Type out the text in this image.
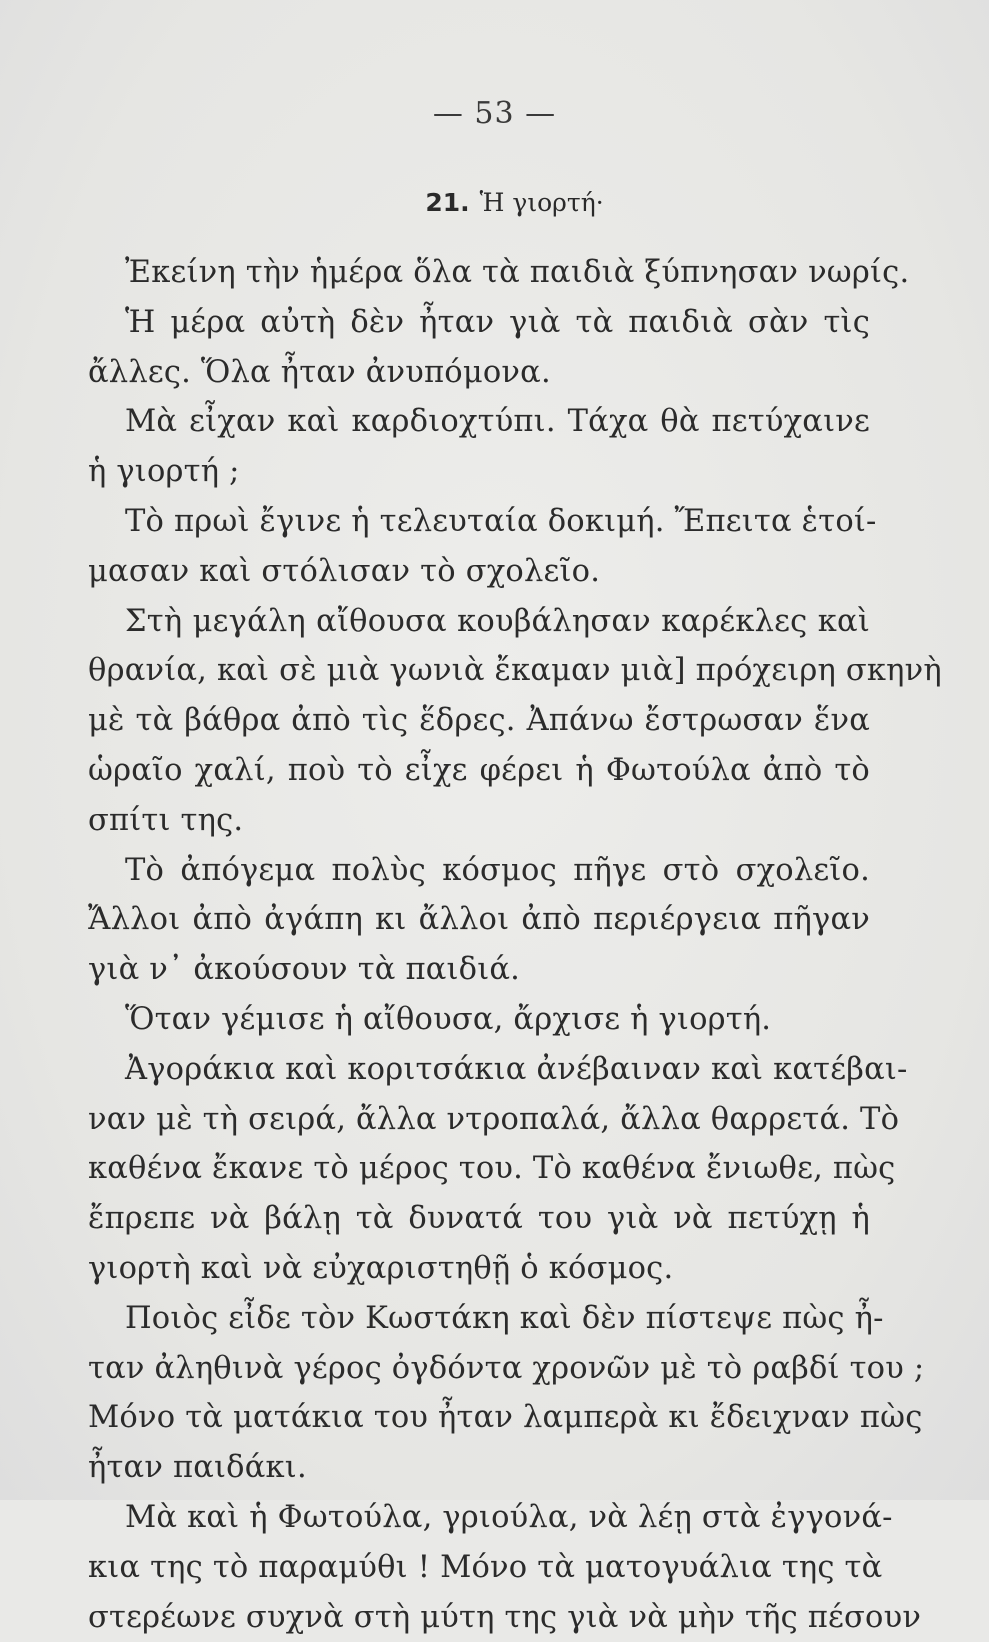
— 53 —
21. Ἡ γιορτή·
Ἐκείνη τὴν ἡμέρα ὅλα τὰ παιδιὰ ξύπνησαν νωρίς.
Ἡ μέρα αὐτὴ δὲν ἦταν γιὰ τὰ παιδιὰ σὰν τὶς
ἄλλες. Ὅλα ἦταν ἀνυπόμονα.
Μὰ εἶχαν καὶ καρδιοχτύπι. Τάχα θὰ πετύχαινε
ἡ γιορτή ;
Τὸ πρωὶ ἔγινε ἡ τελευταία δοκιμή. Ἔπειτα ἑτοί-
μασαν καὶ στόλισαν τὸ σχολεῖο.
Στὴ μεγάλη αἴθουσα κουβάλησαν καρέκλες καὶ
θρανία, καὶ σὲ μιὰ γωνιὰ ἔκαμαν μιὰ] πρόχειρη σκηνὴ
μὲ τὰ βάθρα ἀπὸ τὶς ἕδρες. Ἀπάνω ἔστρωσαν ἕνα
ὡραῖο χαλί, ποὺ τὸ εἶχε φέρει ἡ Φωτούλα ἀπὸ τὸ
σπίτι της.
Τὸ ἀπόγεμα πολὺς κόσμος πῆγε στὸ σχολεῖο.
Ἄλλοι ἀπὸ ἀγάπη κι ἄλλοι ἀπὸ περιέργεια πῆγαν
γιὰ ν᾽ ἀκούσουν τὰ παιδιά.
Ὅταν γέμισε ἡ αἴθουσα, ἄρχισε ἡ γιορτή.
Ἀγοράκια καὶ κοριτσάκια ἀνέβαιναν καὶ κατέβαι-
ναν μὲ τὴ σειρά, ἄλλα ντροπαλά, ἄλλα θαρρετά. Τὸ
καθένα ἔκανε τὸ μέρος του. Τὸ καθένα ἔνιωθε, πὼς
ἔπρεπε νὰ βάλῃ τὰ δυνατά του γιὰ νὰ πετύχῃ ἡ
γιορτὴ καὶ νὰ εὐχαριστηθῇ ὁ κόσμος.
Ποιὸς εἶδε τὸν Κωστάκη καὶ δὲν πίστεψε πὼς ἦ-
ταν ἀληθινὰ γέρος ὀγδόντα χρονῶν μὲ τὸ ραβδί του ;
Μόνο τὰ ματάκια του ἦταν λαμπερὰ κι ἔδειχναν πὼς
ἦταν παιδάκι.
Μὰ καὶ ἡ Φωτούλα, γριούλα, νὰ λέῃ στὰ ἐγγονά-
κια της τὸ παραμύθι ! Μόνο τὰ ματογυάλια της τὰ
στερέωνε συχνὰ στὴ μύτη της γιὰ νὰ μὴν τῆς πέσουν
